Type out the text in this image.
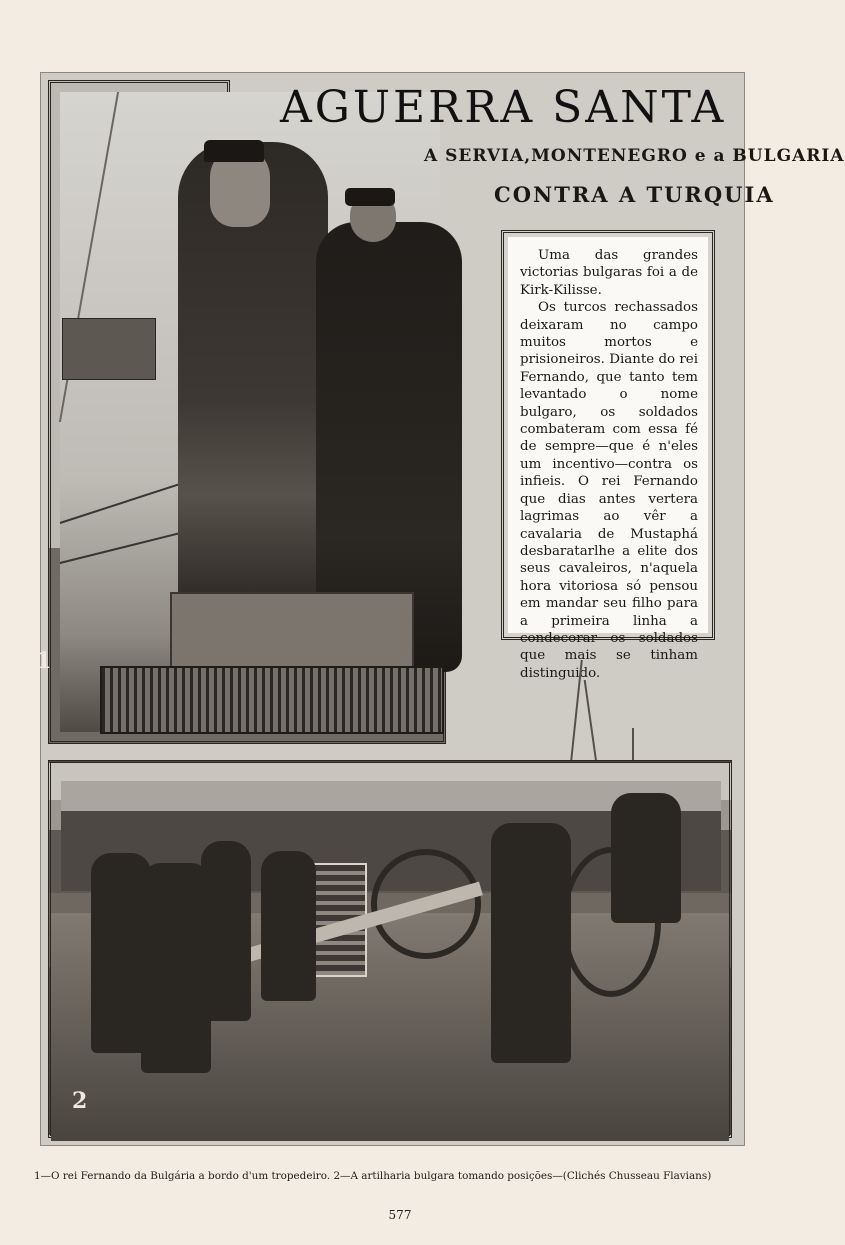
1
AGUERRA SANTA
A SERVIA,MONTENEGRO e a BULGARIA
CONTRA A TURQUIA

Uma das grandes victorias bulgaras foi a de Kirk-Kilisse.

Os turcos rechassados deixaram no campo muitos mortos e prisioneiros. Diante do rei Fernando, que tanto tem levantado o nome bulgaro, os soldados combateram com essa fé de sempre—que é n'eles um incentivo—contra os infieis. O rei Fernando que dias antes vertera lagrimas ao vêr a cavalaria de Mustaphá desbaratarlhe a elite dos seus cavaleiros, n'aquela hora vitoriosa só pensou em mandar seu filho para a primeira linha a condecorar os soldados que mais se tinham distinguido.

2
1—O rei Fernando da Bulgária a bordo d'um tropedeiro. 2—A artilharia bulgara tomando posições—(Clichés Chusseau Flavians)
577
